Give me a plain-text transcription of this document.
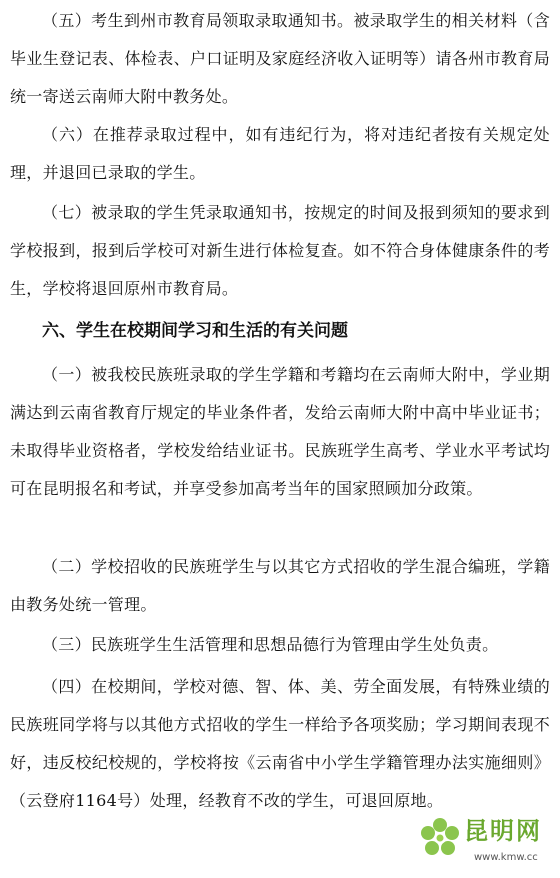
（五）考生到州市教育局领取录取通知书。被录取学生的相关材料（含毕业生登记表、体检表、户口证明及家庭经济收入证明等）请各州市教育局统一寄送云南师大附中教务处。

（六）在推荐录取过程中，如有违纪行为，将对违纪者按有关规定处理，并退回已录取的学生。

（七）被录取的学生凭录取通知书，按规定的时间及报到须知的要求到学校报到，报到后学校可对新生进行体检复查。如不符合身体健康条件的考生，学校将退回原州市教育局。

六、学生在校期间学习和生活的有关问题

（一）被我校民族班录取的学生学籍和考籍均在云南师大附中，学业期满达到云南省教育厅规定的毕业条件者，发给云南师大附中高中毕业证书；未取得毕业资格者，学校发给结业证书。民族班学生高考、学业水平考试均可在昆明报名和考试，并享受参加高考当年的国家照顾加分政策。

（二）学校招收的民族班学生与以其它方式招收的学生混合编班，学籍由教务处统一管理。

（三）民族班学生生活管理和思想品德行为管理由学生处负责。

（四）在校期间，学校对德、智、体、美、劳全面发展，有特殊业绩的民族班同学将与以其他方式招收的学生一样给予各项奖励；学习期间表现不好，违反校纪校规的，学校将按《云南省中小学生学籍管理办法实施细则》（云登府1164号）处理，经教育不改的学生，可退回原地。

昆明网
www.kmw.cc
